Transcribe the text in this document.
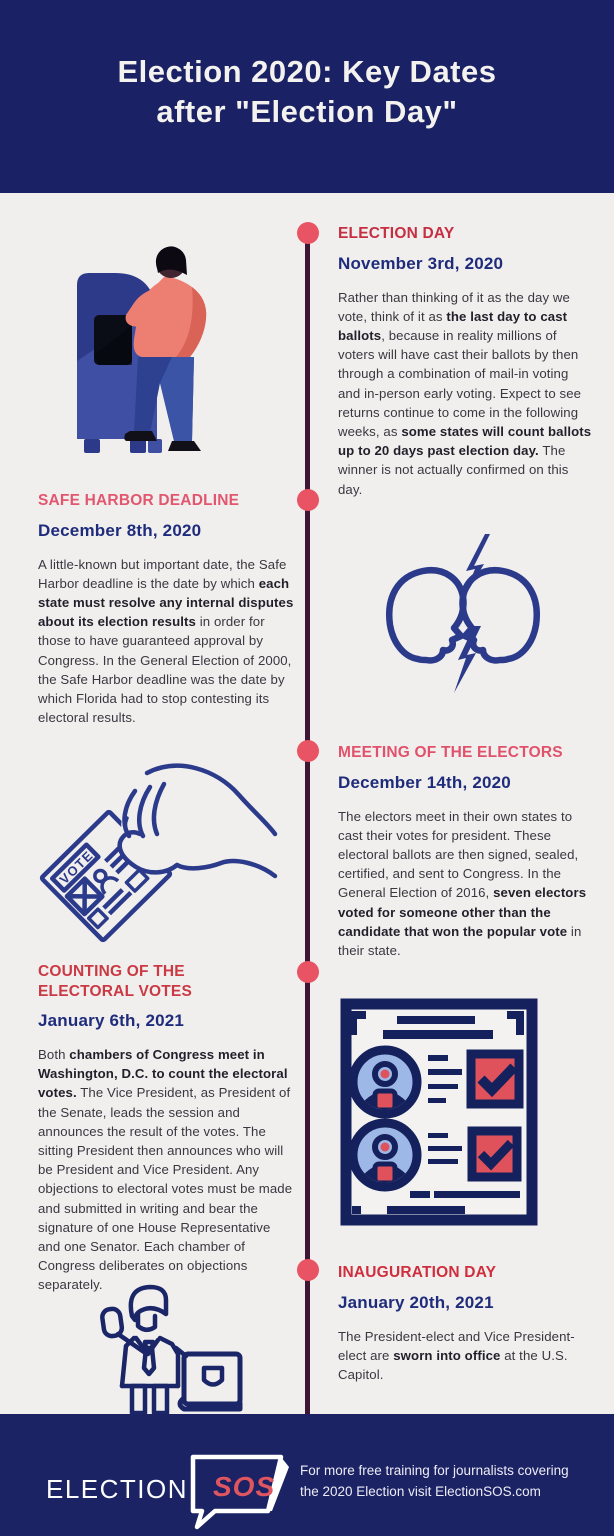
Election 2020: Key Dates
after "Election Day"
ELECTION DAY
November 3rd, 2020

Rather than thinking of it as the day we vote, think of it as the last day to cast ballots, because in reality millions of voters will have cast their ballots by then through a combination of mail-in voting and in-person early voting. Expect to see returns continue to come in the following weeks, as some states will count ballots up to 20 days past election day. The winner is not actually confirmed on this day.

SAFE HARBOR DEADLINE
December 8th, 2020

A little-known but important date, the Safe Harbor deadline is the date by which each state must resolve any internal disputes about its election results in order for those to have guaranteed approval by Congress. In the General Election of 2000, the Safe Harbor deadline was the date by which Florida had to stop contesting its electoral results.

MEETING OF THE ELECTORS
December 14th, 2020

The electors meet in their own states to cast their votes for president. These electoral ballots are then signed, sealed, certified, and sent to Congress. In the General Election of 2016, seven electors voted for someone other than the candidate that won the popular vote in their state.

VOTE
COUNTING OF THE ELECTORAL VOTES
January 6th, 2021

Both chambers of Congress meet in Washington, D.C. to count the electoral votes. The Vice President, as President of the Senate, leads the session and announces the result of the votes. The sitting President then announces who will be President and Vice President. Any objections to electoral votes must be made and submitted in writing and bear the signature of one House Representative and one Senator. Each chamber of Congress deliberates on objections separately.

INAUGURATION DAY
January 20th, 2021

The President-elect and Vice President-elect are sworn into office at the U.S. Capitol.

ELECTION SOS
For more free training for journalists covering the 2020 Election visit ElectionSOS.com
